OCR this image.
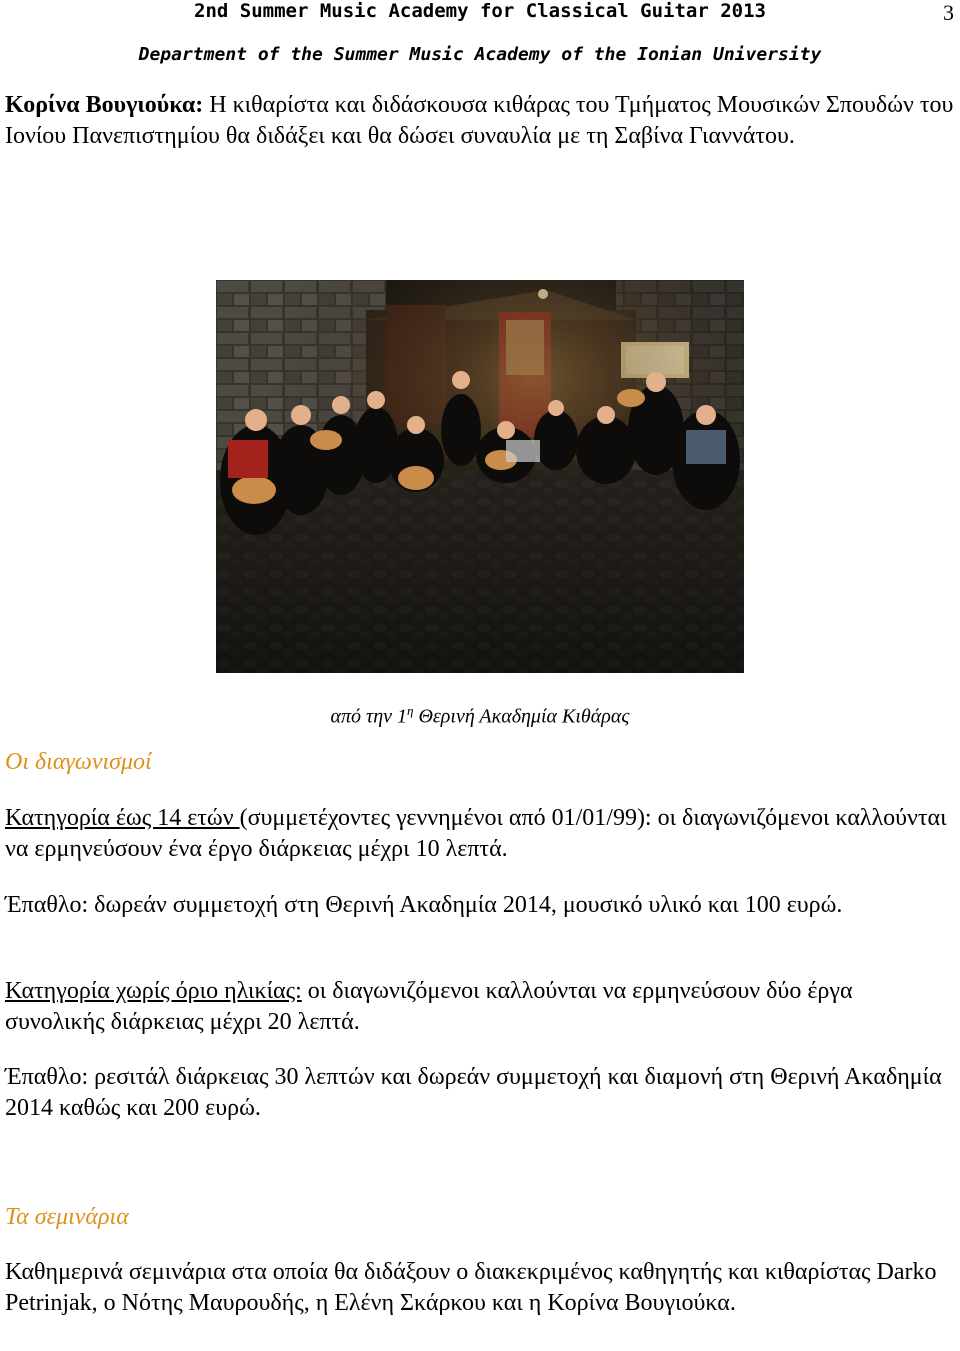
2nd Summer Music Academy for Classical Guitar 2013	3
Department of the Summer Music Academy of the Ionian University

Κορίνα Βουγιούκα: Η κιθαρίστα και διδάσκουσα κιθάρας του Τμήματος Μουσικών Σπουδών του Ιονίου Πανεπιστημίου θα διδάξει και θα δώσει συναυλία με τη Σαβίνα Γιαννάτου.

από την $1^\eta$ Θερινή Ακαδημία Κιθάρας
Οι διαγωνισμοί

Κατηγορία έως 14 ετών (συμμετέχοντες γεννημένοι από 01/01/99): οι διαγωνιζόμενοι καλλούνται να ερμηνεύσουν ένα έργο διάρκειας μέχρι 10 λεπτά.

Έπαθλο: δωρεάν συμμετοχή στη Θερινή Ακαδημία 2014, μουσικό υλικό και 100 ευρώ.

Κατηγορία χωρίς όριο ηλικίας: οι διαγωνιζόμενοι καλλούνται να ερμηνεύσουν δύο έργα συνολικής διάρκειας μέχρι 20 λεπτά.

Έπαθλο: ρεσιτάλ διάρκειας 30 λεπτών και δωρεάν συμμετοχή και διαμονή στη Θερινή Ακαδημία 2014 καθώς και 200 ευρώ.

Τα σεμινάρια

Καθημερινά σεμινάρια στα οποία θα διδάξουν ο διακεκριμένος καθηγητής και κιθαρίστας Darko Petrinjak, ο Νότης Μαυρουδής, η Ελένη Σκάρκου και η Κορίνα Βουγιούκα.
